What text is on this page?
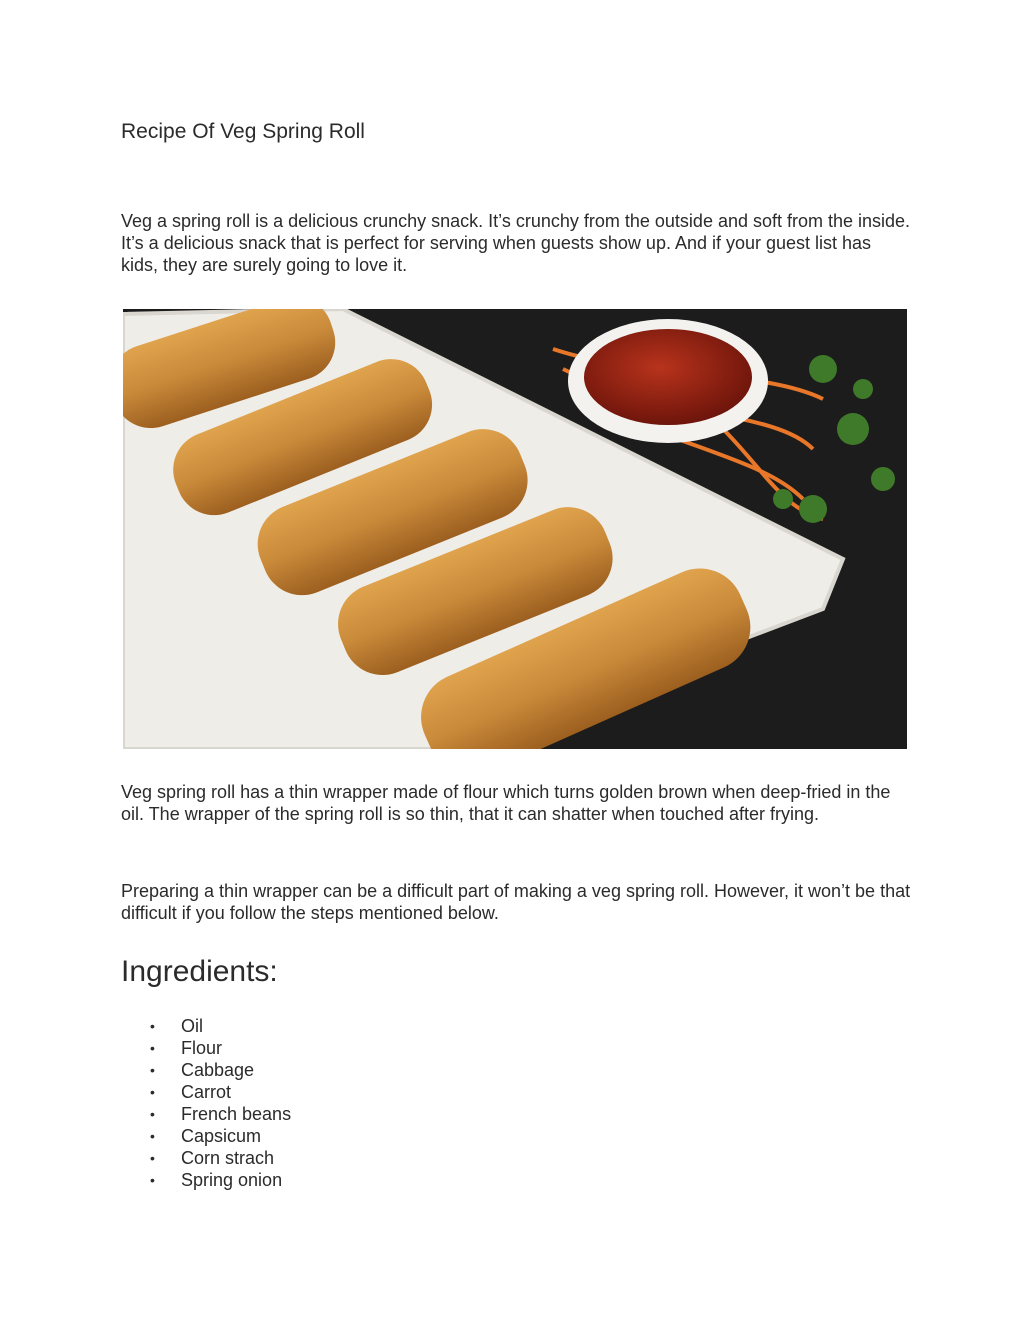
Recipe Of Veg Spring Roll

Veg a spring roll is a delicious crunchy snack. It’s crunchy from the outside and soft from the inside. It’s a delicious snack that is perfect for serving when guests show up. And if your guest list has kids, they are surely going to love it.

Veg spring roll has a thin wrapper made of flour which turns golden brown when deep-fried in the oil. The wrapper of the spring roll is so thin, that it can shatter when touched after frying.

Preparing a thin wrapper can be a difficult part of making a veg spring roll. However, it won’t be that difficult if you follow the steps mentioned below.

Ingredients:
• Oil
• Flour
• Cabbage
• Carrot
• French beans
• Capsicum
• Corn strach
• Spring onion
